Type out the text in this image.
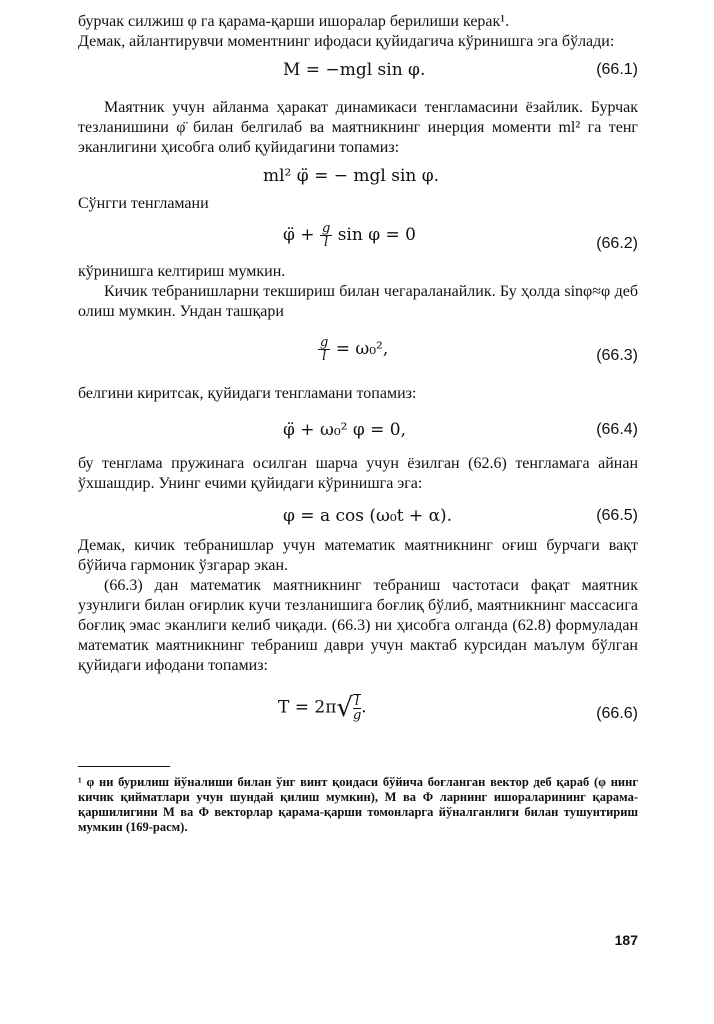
бурчак силжиш φ га қарама-қарши ишоралар берилиши керак¹.

Демак, айлантирувчи моментнинг ифодаси қуйидагича кўринишга эга бўлади:

M = −mgl sin φ.	(66.1)

Маятник учун айланма ҳаракат динамикаси тенгламасини ёзайлик. Бурчак тезланишини φ̈ билан белгилаб ва маятникнинг инерция моменти ml² га тенг эканлигини ҳисобга олиб қуйидагини топамиз:

ml² φ̈ = − mgl sin φ.

Сўнгги тенгламани

φ̈ + $\frac{g}{l}$ sin φ = 0	(66.2)

кўринишга келтириш мумкин.

Кичик тебранишларни текшириш билан чегараланайлик. Бу ҳолда sinφ≈φ деб олиш мумкин. Ундан ташқари

$\frac{g}{l} = \omega_0^2$,	(66.3)

белгини киритсак, қуйидаги тенгламани топамиз:

φ̈ + ω₀² φ = 0,	(66.4)

бу тенглама пружинага осилган шарча учун ёзилган (62.6) тенгламага айнан ўхшашдир. Унинг ечими қуйидаги кўринишга эга:

φ = a cos (ω₀t + α).	(66.5)

Демак, кичик тебранишлар учун математик маятникнинг оғиш бурчаги вақт бўйича гармоник ўзгарар экан.

(66.3) дан математик маятникнинг тебраниш частотаси фақат маятник узунлиги билан оғирлик кучи тезланишига боғлиқ бўлиб, маятникнинг массасига боғлиқ эмас эканлиги келиб чиқади. (66.3) ни ҳисобга олганда (62.8) формуладан математик маятникнинг тебраниш даври учун мактаб курсидан маълум бўлган қуйидаги ифодани топамиз:

$T = 2\pi√ \frac{l}{g}$ .	(66.6)

¹ φ ни бурилиш йўналиши билан ўнг винт қоидаси бўйича боғланган вектор деб қараб (φ нинг кичик қийматлари учун шундай қилиш мумкин), M ва Φ ларнинг ишораларининг қарама-қаршилигини M ва Φ векторлар қарама-қарши томонларга йўналганлиги билан тушунтириш мумкин (169-расм).

187
